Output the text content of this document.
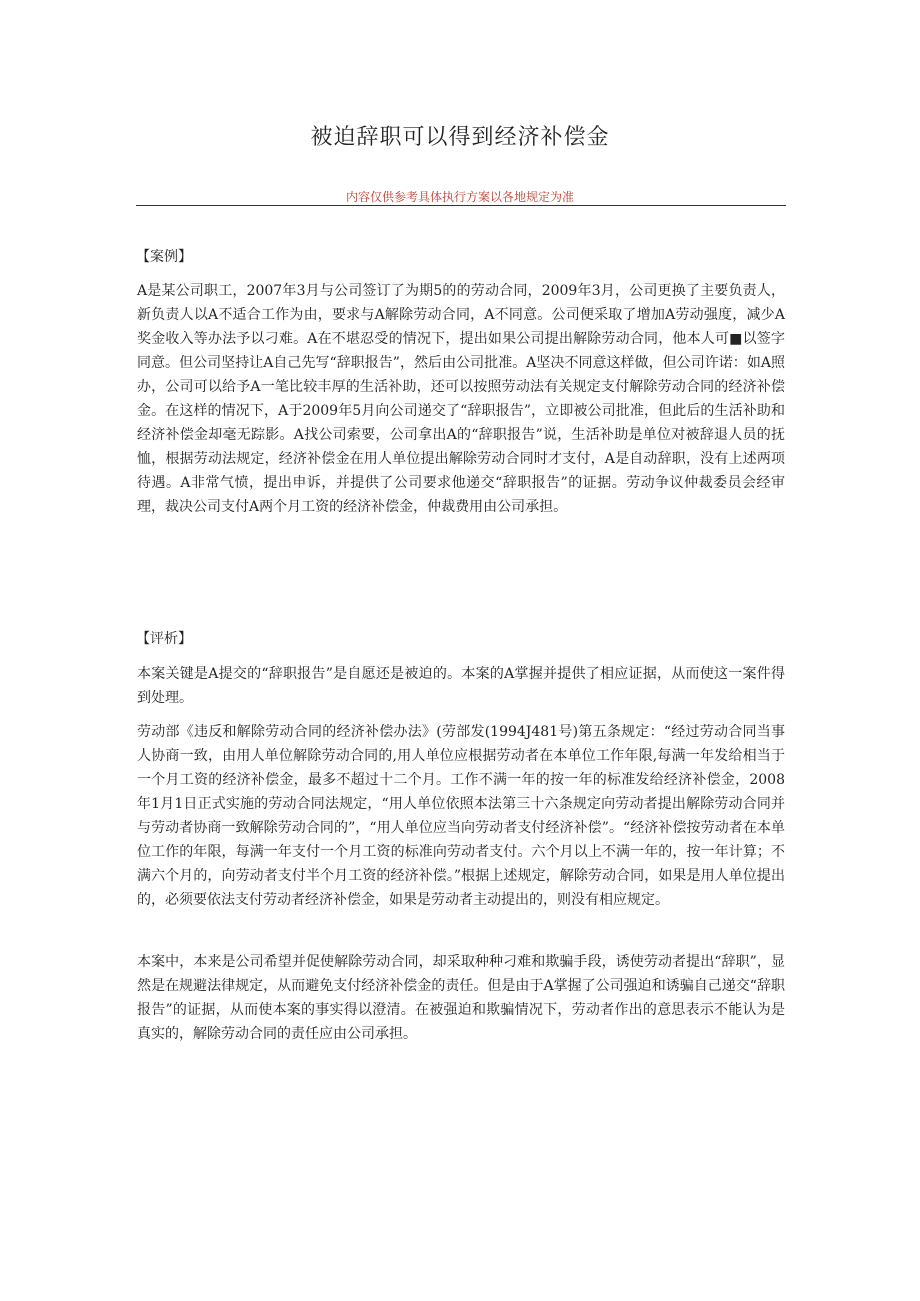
被迫辞职可以得到经济补偿金
内容仅供参考具体执行方案以各地规定为准
【案例】

A是某公司职工，2007年3月与公司签订了为期5的的劳动合同，2009年3月，公司更换了主要负责人，新负责人以A不适合工作为由，要求与A解除劳动合同，A不同意。公司便采取了增加A劳动强度，减少A奖金收入等办法予以刁难。A在不堪忍受的情况下，提出如果公司提出解除劳动合同，他本人可■以签字同意。但公司坚持让A自己先写“辞职报告”，然后由公司批准。A坚决不同意这样做，但公司许诺：如A照办，公司可以给予A一笔比较丰厚的生活补助，还可以按照劳动法有关规定支付解除劳动合同的经济补偿金。在这样的情况下，A于2009年5月向公司递交了“辞职报告”，立即被公司批准，但此后的生活补助和经济补偿金却毫无踪影。A找公司索要，公司拿出A的“辞职报告”说，生活补助是单位对被辞退人员的抚恤，根据劳动法规定，经济补偿金在用人单位提出解除劳动合同时才支付，A是自动辞职，没有上述两项待遇。A非常气愤，提出申诉，并提供了公司要求他递交“辞职报告”的证据。劳动争议仲裁委员会经审理，裁决公司支付A两个月工资的经济补偿金，仲裁费用由公司承担。

【评析】

本案关键是A提交的“辞职报告”是自愿还是被迫的。本案的A掌握并提供了相应证据，从而使这一案件得到处理。

劳动部《违反和解除劳动合同的经济补偿办法》(劳部发(1994J481号)第五条规定：“经过劳动合同当事人协商一致，由用人单位解除劳动合同的,用人单位应根据劳动者在本单位工作年限,每满一年发给相当于一个月工资的经济补偿金，最多不超过十二个月。工作不满一年的按一年的标准发给经济补偿金，2008年1月1日正式实施的劳动合同法规定，“用人单位依照本法第三十六条规定向劳动者提出解除劳动合同并与劳动者协商一致解除劳动合同的”，“用人单位应当向劳动者支付经济补偿”。“经济补偿按劳动者在本单位工作的年限，每满一年支付一个月工资的标准向劳动者支付。六个月以上不满一年的，按一年计算；不满六个月的，向劳动者支付半个月工资的经济补偿。”根据上述规定，解除劳动合同，如果是用人单位提出的，必须要依法支付劳动者经济补偿金，如果是劳动者主动提出的，则没有相应规定。

本案中，本来是公司希望并促使解除劳动合同，却采取种种刁难和欺骗手段，诱使劳动者提出“辞职”，显然是在规避法律规定，从而避免支付经济补偿金的责任。但是由于A掌握了公司强迫和诱骗自己递交“辞职报告”的证据，从而使本案的事实得以澄清。在被强迫和欺骗情况下，劳动者作出的意思表示不能认为是真实的，解除劳动合同的责任应由公司承担。
